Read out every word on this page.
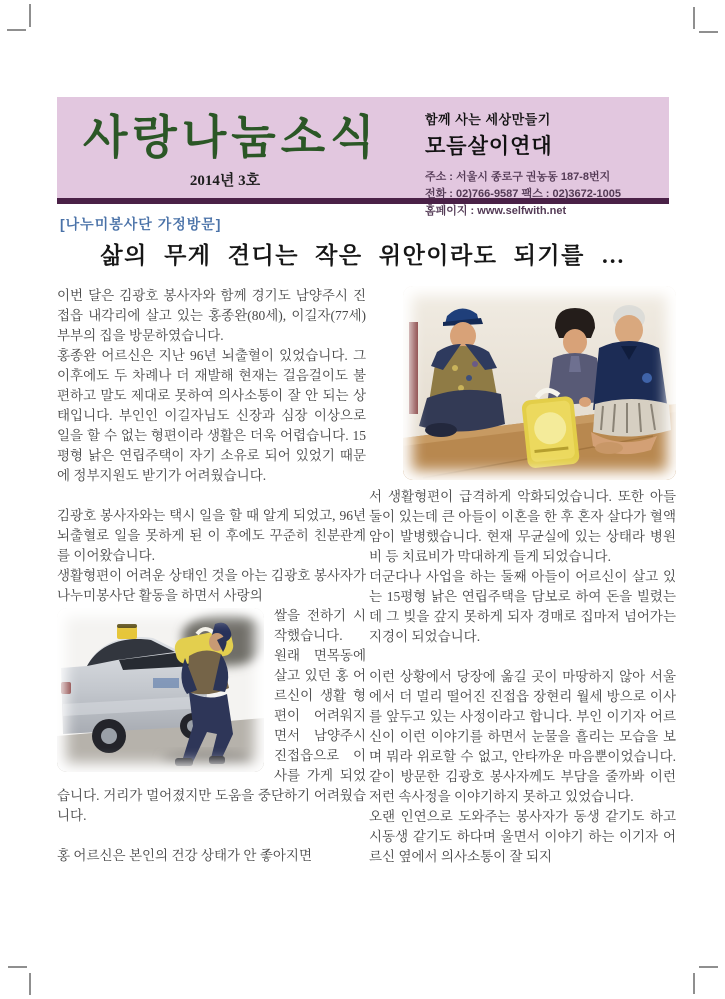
사랑나눔소식
2014년 3호
함께 사는 세상만들기
모듬살이연대
주소 : 서울시 종로구 권농동 187-8번지
전화 : 02)766-9587 팩스 : 02)3672-1005
홈페이지 : www.selfwith.net
[나누미봉사단 가정방문]
삶의 무게 견디는 작은 위안이라도 되기를 …

이번 달은 김광호 봉사자와 함께 경기도 남양주시 진접읍 내각리에 살고 있는 홍종완(80세), 이길자(77세) 부부의 집을 방문하였습니다.

홍종완 어르신은 지난 96년 뇌출혈이 있었습니다. 그 이후에도 두 차례나 더 재발해 현재는 걸음걸이도 불편하고 말도 제대로 못하여 의사소통이 잘 안 되는 상태입니다. 부인인 이길자님도 신장과 심장 이상으로 일을 할 수 없는 형편이라 생활은 더욱 어렵습니다. 15평형 낡은 연립주택이 자기 소유로 되어 있었기 때문에 정부지원도 받기가 어려웠습니다.

김광호 봉사자와는 택시 일을 할 때 알게 되었고, 96년 뇌출혈로 일을 못하게 된 이 후에도 꾸준히 친분관계를 이어왔습니다.

생활형편이 어려운 상태인 것을 아는 김광호 봉사자가 나누미봉사단 활동을 하면서 사랑의

쌀을 전하기 시작했습니다.

원래 면목동에 살고 있던 홍 어르신이 생활 형편이 어려워지면서 남양주시 진접읍으로 이사를 가게 되었습니다. 거리가 멀어졌지만 도움을 중단하기 어려웠습니다.

홍 어르신은 본인의 건강 상태가 안 좋아지면

서 생활형편이 급격하게 악화되었습니다. 또한 아들 둘이 있는데 큰 아들이 이혼을 한 후 혼자 살다가 혈액암이 발병했습니다. 현재 무균실에 있는 상태라 병원비 등 치료비가 막대하게 들게 되었습니다.

더군다나 사업을 하는 둘째 아들이 어르신이 살고 있는 15평형 낡은 연립주택을 담보로 하여 돈을 빌렸는데 그 빚을 갚지 못하게 되자 경매로 집마저 넘어가는 지경이 되었습니다.

이런 상황에서 당장에 옮길 곳이 마땅하지 않아 서울에서 더 멀리 떨어진 진접읍 장현리 월세 방으로 이사를 앞두고 있는 사정이라고 합니다. 부인 이기자 어르신이 이런 이야기를 하면서 눈물을 흘리는 모습을 보며 뭐라 위로할 수 없고, 안타까운 마음뿐이었습니다. 같이 방문한 김광호 봉사자께도 부담을 줄까봐 이런저런 속사정을 이야기하지 못하고 있었습니다.

오랜 인연으로 도와주는 봉사자가 동생 같기도 하고 시동생 같기도 하다며 울면서 이야기 하는 이기자 어르신 옆에서 의사소통이 잘 되지
